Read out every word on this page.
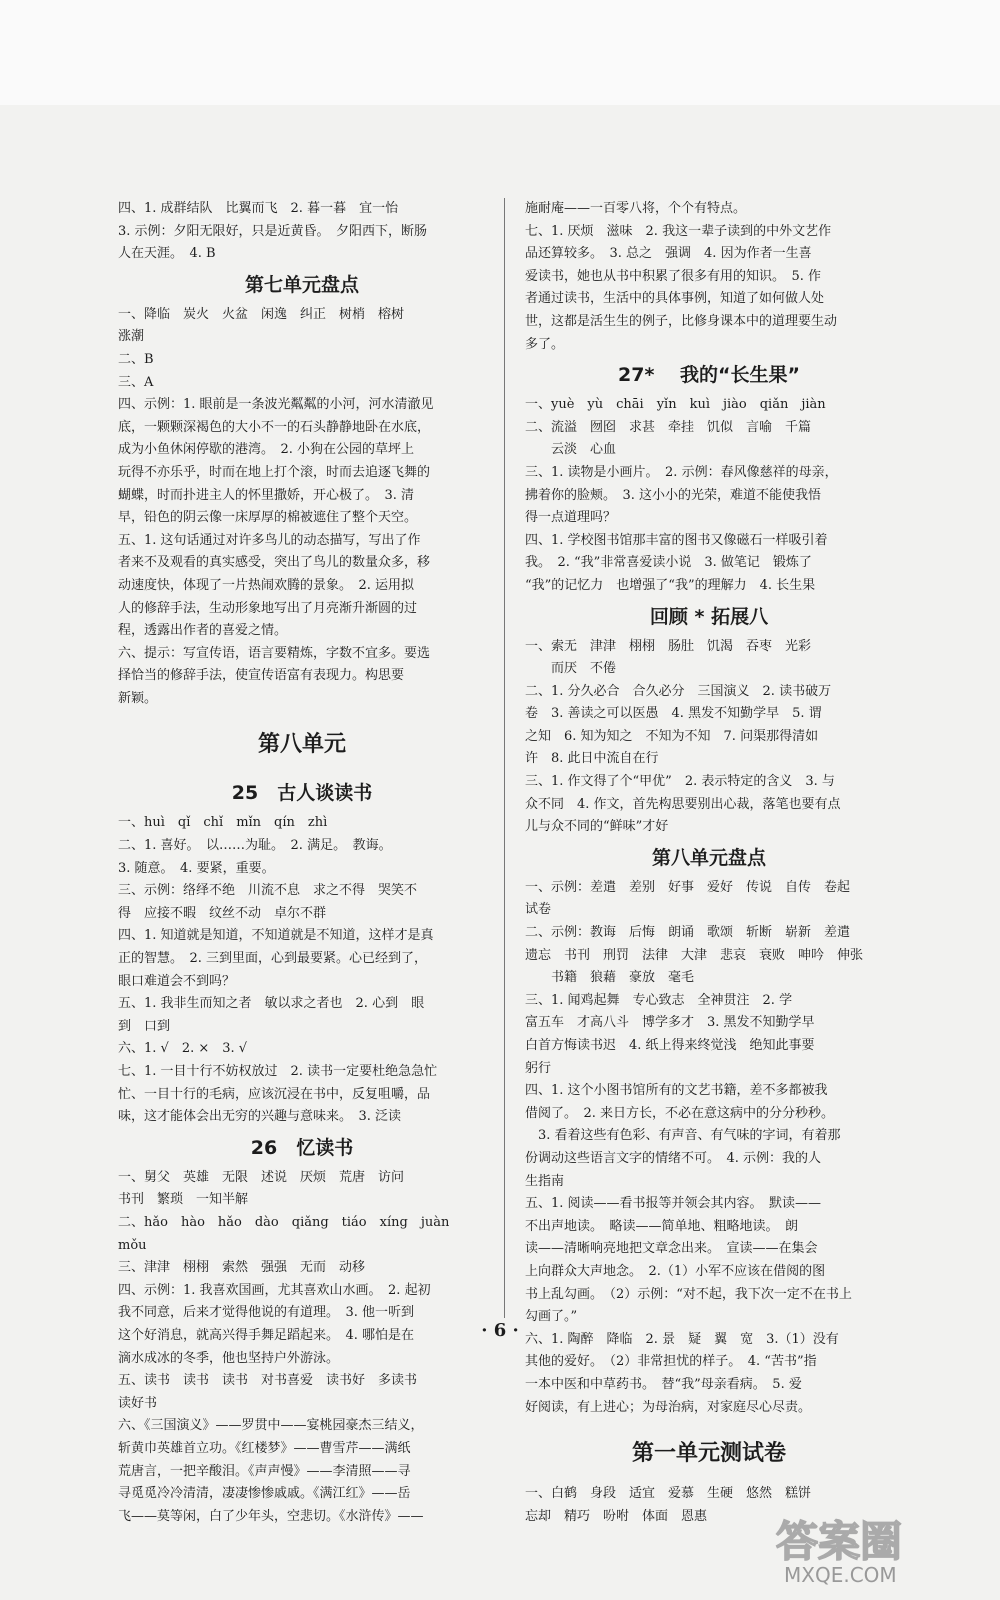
四、1. 成群结队　比翼而飞　2. 暮一暮　宜一怡
3. 示例：夕阳无限好，只是近黄昏。　夕阳西下，断肠
人在天涯。　4. B
第七单元盘点
一、降临　炭火　火盆　闲逸　纠正　树梢　榕树
涨潮
二、B
三、A
四、示例：1. 眼前是一条波光粼粼的小河，河水清澈见
底，一颗颗深褐色的大小不一的石头静静地卧在水底，
成为小鱼休闲停歇的港湾。　2. 小狗在公园的草坪上
玩得不亦乐乎，时而在地上打个滚，时而去追逐飞舞的
蝴蝶，时而扑进主人的怀里撒娇，开心极了。　3. 清
早，铅色的阴云像一床厚厚的棉被遮住了整个天空。
五、1. 这句话通过对许多鸟儿的动态描写，写出了作
者来不及观看的真实感受，突出了鸟儿的数量众多，移
动速度快，体现了一片热闹欢腾的景象。　2. 运用拟
人的修辞手法，生动形象地写出了月亮渐升渐圆的过
程，透露出作者的喜爱之情。
六、提示：写宣传语，语言要精炼，字数不宜多。要选
择恰当的修辞手法，使宣传语富有表现力。构思要
新颖。
第八单元
25　古人谈读书
一、huì　qǐ　chǐ　mǐn　qín　zhì
二、1. 喜好。　以……为耻。　2. 满足。　教诲。
3. 随意。　4. 要紧，重要。
三、示例：络绎不绝　川流不息　求之不得　哭笑不
得　应接不暇　纹丝不动　卓尔不群
四、1. 知道就是知道，不知道就是不知道，这样才是真
正的智慧。　2. 三到里面，心到最要紧。心已经到了，
眼口难道会不到吗？
五、1. 我非生而知之者　敏以求之者也　2. 心到　眼
到　口到
六、1. √　2. ×　3. √
七、1. 一目十行不妨权放过　2. 读书一定要杜绝急急忙
忙、一目十行的毛病，应该沉浸在书中，反复咀嚼，品
味，这才能体会出无穷的兴趣与意味来。　3. 泛读
26　忆读书
一、舅父　英雄　无限　述说　厌烦　荒唐　访问
书刊　繁琐　一知半解
二、hǎo　hào　hǎo　dào　qiǎng　tiáo　xíng　juàn
mǒu
三、津津　栩栩　索然　强强　无而　动移
四、示例：1. 我喜欢国画，尤其喜欢山水画。　2. 起初
我不同意，后来才觉得他说的有道理。　3. 他一听到
这个好消息，就高兴得手舞足蹈起来。　4. 哪怕是在
滴水成冰的冬季，他也坚持户外游泳。
五、读书　读书　读书　对书喜爱　读书好　多读书
读好书
六、《三国演义》——罗贯中——宴桃园豪杰三结义，
斩黄巾英雄首立功。《红楼梦》——曹雪芹——满纸
荒唐言，一把辛酸泪。《声声慢》——李清照——寻
寻觅觅冷冷清清，凄凄惨惨戚戚。《满江红》——岳
飞——莫等闲，白了少年头，空悲切。《水浒传》——
施耐庵——一百零八将，个个有特点。
七、1. 厌烦　滋味　2. 我这一辈子读到的中外文艺作
品还算较多。　3. 总之　强调　4. 因为作者一生喜
爱读书，她也从书中积累了很多有用的知识。　5. 作
者通过读书，生活中的具体事例，知道了如何做人处
世，这都是活生生的例子，比修身课本中的道理要生动
多了。
27* 　我的“长生果”
一、yuè　yù　chāi　yǐn　kuì　jiào　qiǎn　jiàn
二、流溢　囫囵　求甚　牵挂　饥似　言喻　千篇
　　云淡　心血
三、1. 读物是小画片。　2. 示例：春风像慈祥的母亲，
拂着你的脸颊。　3. 这小小的光荣，难道不能使我悟
得一点道理吗？
四、1. 学校图书馆那丰富的图书又像磁石一样吸引着
我。　2. “我”非常喜爱读小说　3. 做笔记　锻炼了
“我”的记忆力　也增强了“我”的理解力　4. 长生果
回顾 * 拓展八
一、索无　津津　栩栩　肠肚　饥渴　吞枣　光彩
　　而厌　不倦
二、1. 分久必合　合久必分　三国演义　2. 读书破万
卷　3. 善读之可以医愚　4. 黑发不知勤学早　5. 谓
之知　6. 知为知之　不知为不知　7. 问渠那得清如
许　8. 此日中流自在行
三、1. 作文得了个“甲优”　2. 表示特定的含义　3. 与
众不同　4. 作文，首先构思要别出心裁，落笔也要有点
儿与众不同的“鲜味”才好
第八单元盘点
一、示例：差遣　差别　好事　爱好　传说　自传　卷起
试卷
二、示例：教诲　后悔　朗诵　歌颂　斩断　崭新　差遣
遗忘　书刊　刑罚　法律　大津　悲哀　衰败　呻吟　伸张
　　书籍　狼藉　豪放　毫毛
三、1. 闻鸡起舞　专心致志　全神贯注　2. 学
富五车　才高八斗　博学多才　3. 黑发不知勤学早
白首方悔读书迟　4. 纸上得来终觉浅　绝知此事要
躬行
四、1. 这个小图书馆所有的文艺书籍，差不多都被我
借阅了。　2. 来日方长，不必在意这病中的分分秒秒。
　3. 看着这些有色彩、有声音、有气味的字词，有着那
份调动这些语言文字的情绪不可。　4. 示例：我的人
生指南
五、1. 阅读——看书报等并领会其内容。　默读——
不出声地读。　略读——简单地、粗略地读。　朗
读——清晰响亮地把文章念出来。　宣读——在集会
上向群众大声地念。　2.（1）小军不应该在借阅的图
书上乱勾画。　（2）示例：“对不起，我下次一定不在书上
勾画了。”
六、1. 陶醉　降临　2. 景　疑　翼　宽　3.（1）没有
其他的爱好。　（2）非常担忧的样子。　4. “苦书”指
一本中医和中草药书。　替“我”母亲看病。　5. 爱
好阅读，有上进心；为母治病，对家庭尽心尽责。
第一单元测试卷
一、白鹤　身段　适宜　爱慕　生硬　悠然　糕饼
忘却　精巧　吩咐　体面　恩惠
· 6 ·
答案圈
MXQE.COM
